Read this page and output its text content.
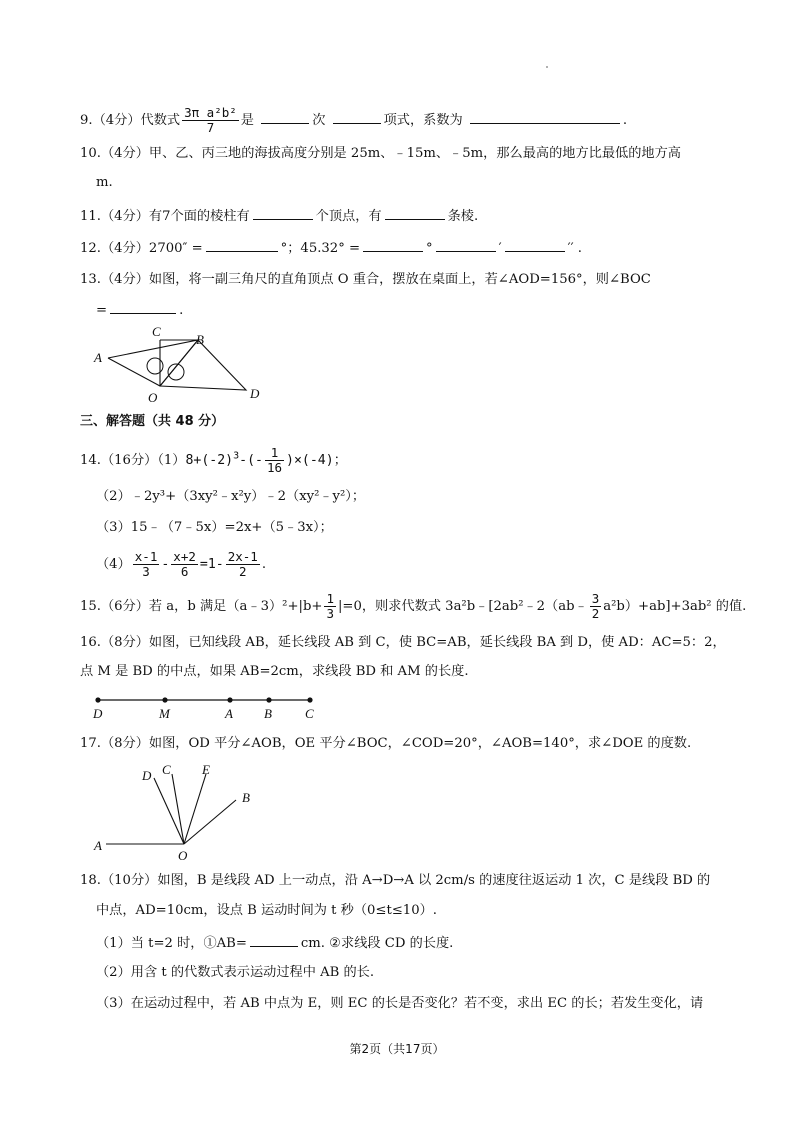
9.（4分）代数式 $\frac{\text{3π a²b²}}{7}$ 是	次	项式，系数为	.
10.（4分）甲、乙、丙三地的海拔高度分别是 25m、﹣15m、﹣5m，那么最高的地方比最低的地方高
m.
11.（4分）有7个面的棱柱有	个顶点，有	条棱.
12.（4分）2700″ =	°；45.32° =	°	′	′′ .
13.（4分）如图，将一副三角尺的直角顶点 O 重合，摆放在桌面上，若∠AOD=156°，则∠BOC
=	.
A
C
B
O	D
三、解答题（共 48 分）
14.（16分）$(1)8+(-2)^3-(- \frac{1}{16} )\times(-4)$；
（2）﹣2y³+（3xy²﹣x²y）﹣2（xy²﹣y²）；
（3）15﹣（7﹣5x）=2x+（5﹣3x）；
$(4) \frac{x-1}{3} - \frac{x+2}{6} =1- \frac{2x-1}{2}$ .
15.（6分）若 a，b 满足（a﹣3）²+|b+ $\frac{1}{3} |=0$，则求代数式 3a²b﹣[2ab²﹣2（ab﹣ $\frac{3}{2} a^2b)+ab]+3ab^2$ 的值.
16.（8分）如图，已知线段 AB，延长线段 AB 到 C，使 BC=AB，延长线段 BA 到 D，使 AD：AC=5：2，
点 M 是 BD 的中点，如果 AB=2cm，求线段 BD 和 AM 的长度.
D	M	A B	C
17.（8分）如图，OD 平分∠AOB，OE 平分∠BOC，∠COD=20°，∠AOB=140°，求∠DOE 的度数.
D C E
B
A
O
18.（10分）如图，B 是线段 AD 上一动点，沿 A→D→A 以 2cm/s 的速度往返运动 1 次，C 是线段 BD 的
中点，AD=10cm，设点 B 运动时间为 t 秒（0≤t≤10）.
（1）当 t=2 时，①AB=	cm. ②求线段 CD 的长度.
（2）用含 t 的代数式表示运动过程中 AB 的长.
（3）在运动过程中，若 AB 中点为 E，则 EC 的长是否变化？若不变，求出 EC 的长；若发生变化，请
第2页（共17页）
